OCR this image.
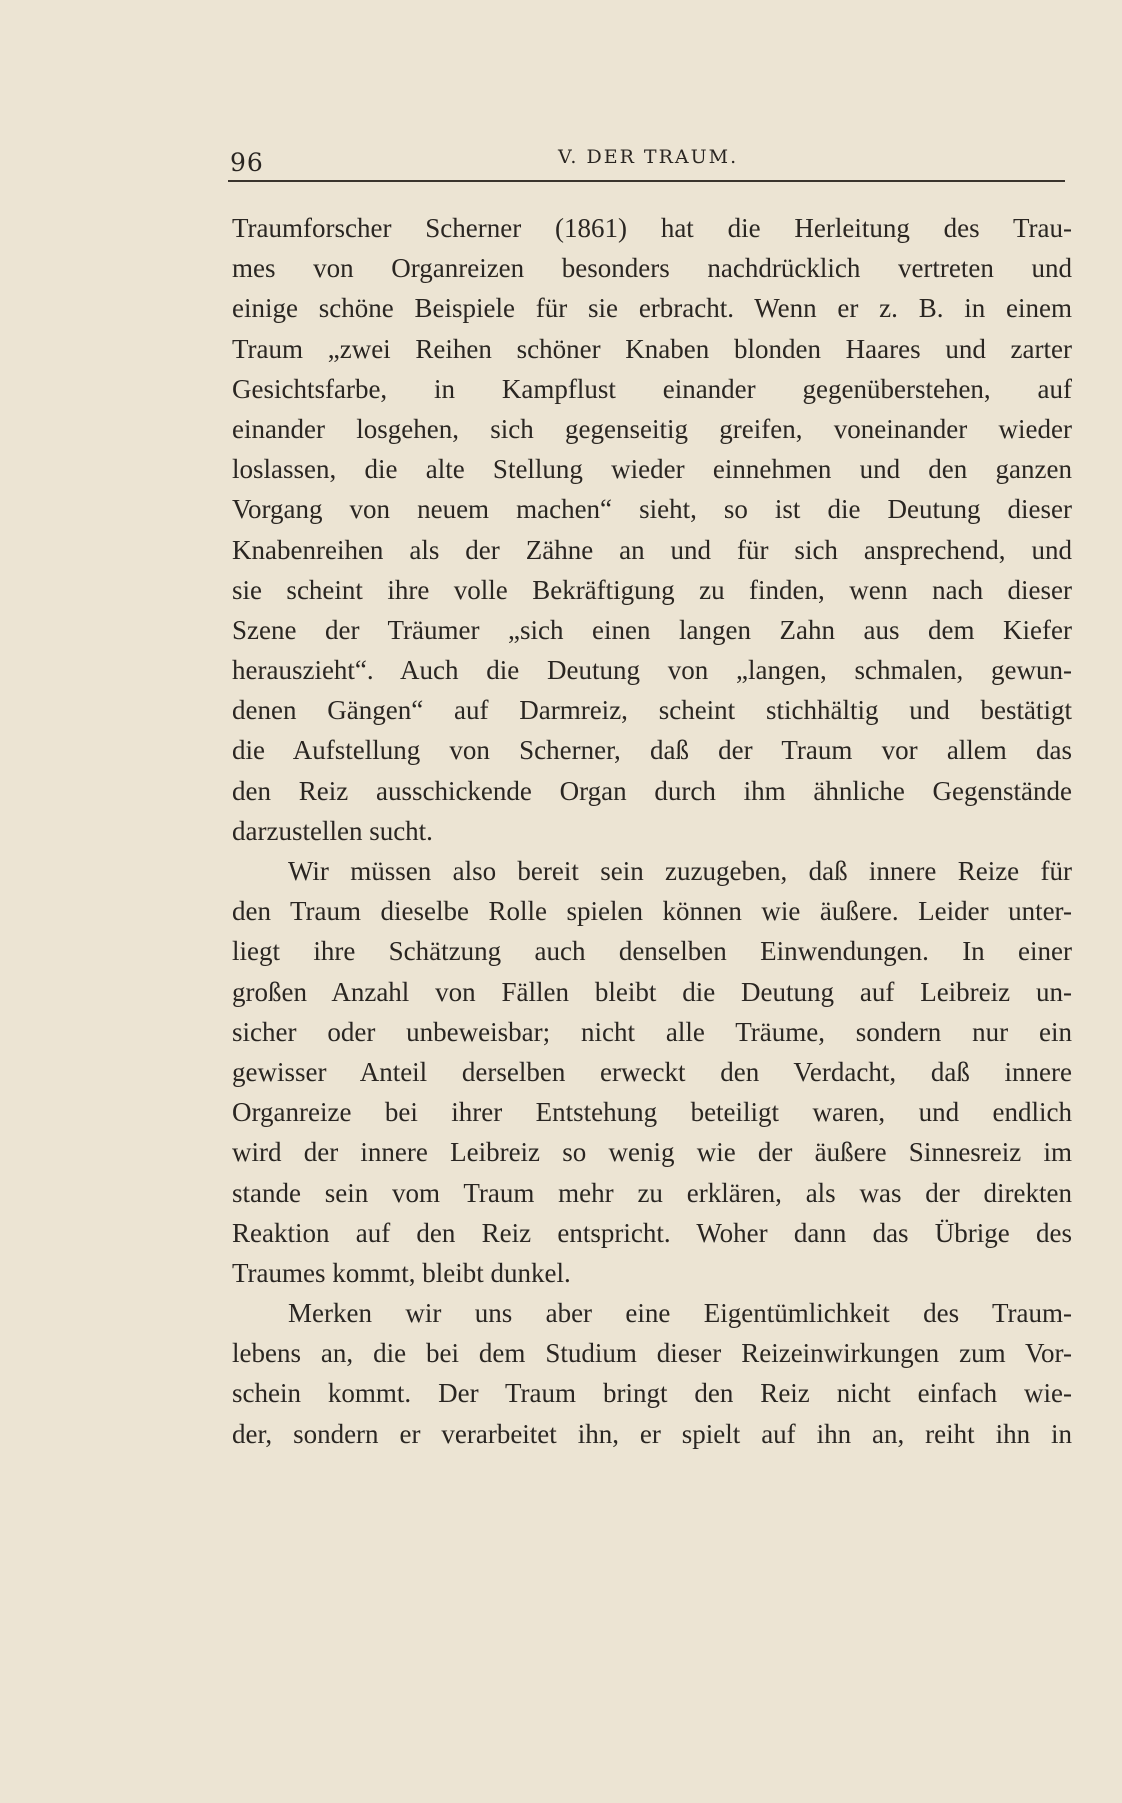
96	V. DER TRAUM.
Traumforscher Scherner (1861) hat die Herleitung des Trau-
mes von Organreizen besonders nachdrücklich vertreten und
einige schöne Beispiele für sie erbracht. Wenn er z. B. in einem
Traum „zwei Reihen schöner Knaben blonden Haares und zarter
Gesichtsfarbe, in Kampflust einander gegenüberstehen, auf
einander losgehen, sich gegenseitig greifen, voneinander wieder
loslassen, die alte Stellung wieder einnehmen und den ganzen
Vorgang von neuem machen“ sieht, so ist die Deutung dieser
Knabenreihen als der Zähne an und für sich ansprechend, und
sie scheint ihre volle Bekräftigung zu finden, wenn nach dieser
Szene der Träumer „sich einen langen Zahn aus dem Kiefer
herauszieht“. Auch die Deutung von „langen, schmalen, gewun-
denen Gängen“ auf Darmreiz, scheint stichhältig und bestätigt
die Aufstellung von Scherner, daß der Traum vor allem das
den Reiz ausschickende Organ durch ihm ähnliche Gegenstände
darzustellen sucht.
Wir müssen also bereit sein zuzugeben, daß innere Reize für
den Traum dieselbe Rolle spielen können wie äußere. Leider unter-
liegt ihre Schätzung auch denselben Einwendungen. In einer
großen Anzahl von Fällen bleibt die Deutung auf Leibreiz un-
sicher oder unbeweisbar; nicht alle Träume, sondern nur ein
gewisser Anteil derselben erweckt den Verdacht, daß innere
Organreize bei ihrer Entstehung beteiligt waren, und endlich
wird der innere Leibreiz so wenig wie der äußere Sinnesreiz im
stande sein vom Traum mehr zu erklären, als was der direkten
Reaktion auf den Reiz entspricht. Woher dann das Übrige des
Traumes kommt, bleibt dunkel.
Merken wir uns aber eine Eigentümlichkeit des Traum-
lebens an, die bei dem Studium dieser Reizeinwirkungen zum Vor-
schein kommt. Der Traum bringt den Reiz nicht einfach wie-
der, sondern er verarbeitet ihn, er spielt auf ihn an, reiht ihn in
